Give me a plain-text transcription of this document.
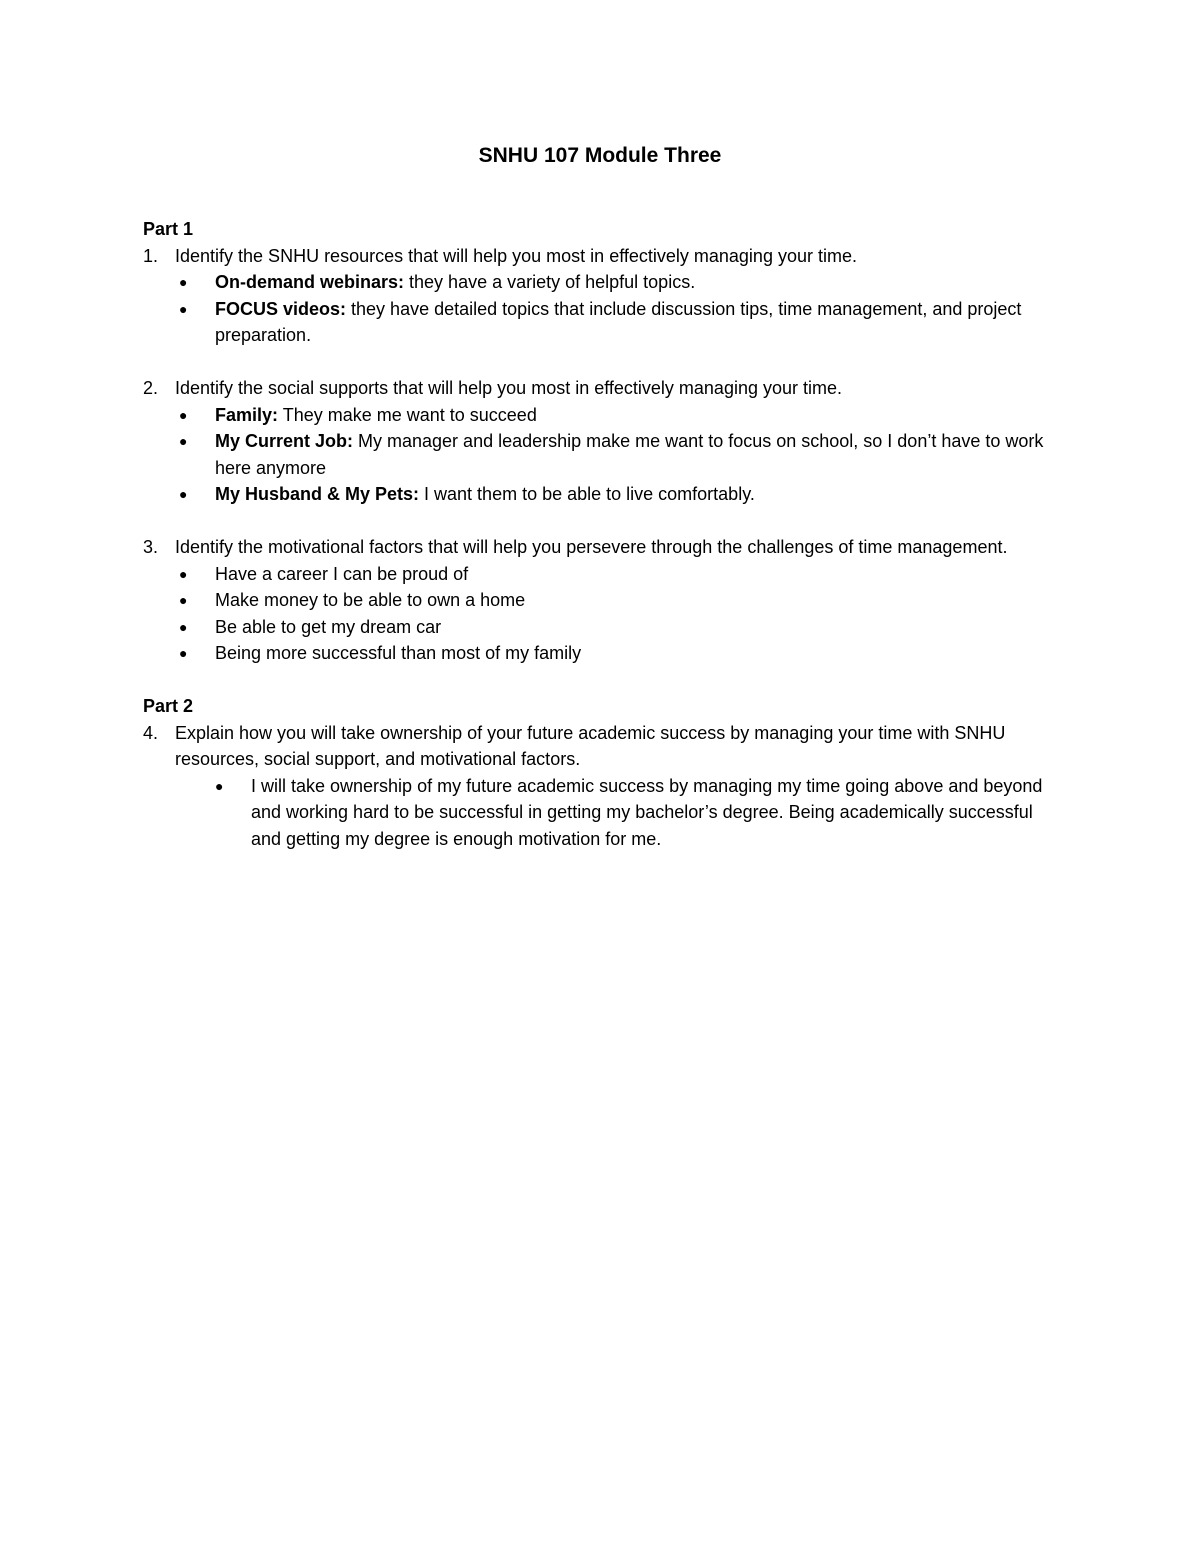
SNHU 107 Module Three

Part 1

1. Identify the SNHU resources that will help you most in effectively managing your time.
● On-demand webinars: they have a variety of helpful topics.
● FOCUS videos: they have detailed topics that include discussion tips, time management, and project preparation.
2. Identify the social supports that will help you most in effectively managing your time.
● Family: They make me want to succeed
● My Current Job: My manager and leadership make me want to focus on school, so I don’t have to work here anymore
● My Husband & My Pets: I want them to be able to live comfortably.
3. Identify the motivational factors that will help you persevere through the challenges of time management.
● Have a career I can be proud of
● Make money to be able to own a home
● Be able to get my dream car
● Being more successful than most of my family

Part 2

4. Explain how you will take ownership of your future academic success by managing your time with SNHU resources, social support, and motivational factors.
● I will take ownership of my future academic success by managing my time going above and beyond and working hard to be successful in getting my bachelor’s degree. Being academically successful and getting my degree is enough motivation for me.
